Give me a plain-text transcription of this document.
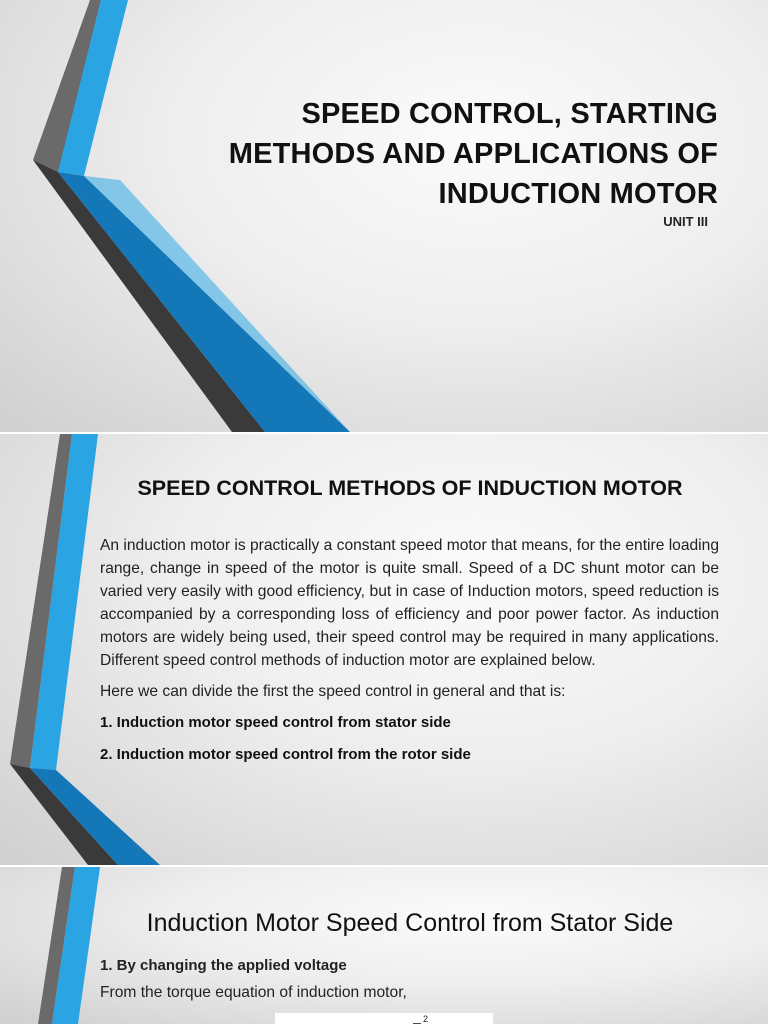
SPEED CONTROL, STARTING
METHODS AND APPLICATIONS OF
INDUCTION MOTOR
UNIT III
SPEED CONTROL METHODS OF INDUCTION MOTOR

An induction motor is practically a constant speed motor that means, for the entire loading range, change in speed of the motor is quite small. Speed of a DC shunt motor can be varied very easily with good efficiency, but in case of Induction motors, speed reduction is accompanied by a corresponding loss of efficiency and poor power factor. As induction motors are widely being used, their speed control may be required in many applications. Different speed control methods of induction motor are explained below.

Here we can divide the first the speed control in general and that is:

1. Induction motor speed control from stator side
2. Induction motor speed control from the rotor side
Induction Motor Speed Control from Stator Side
1. By changing the applied voltage

From the torque equation of induction motor,

2
